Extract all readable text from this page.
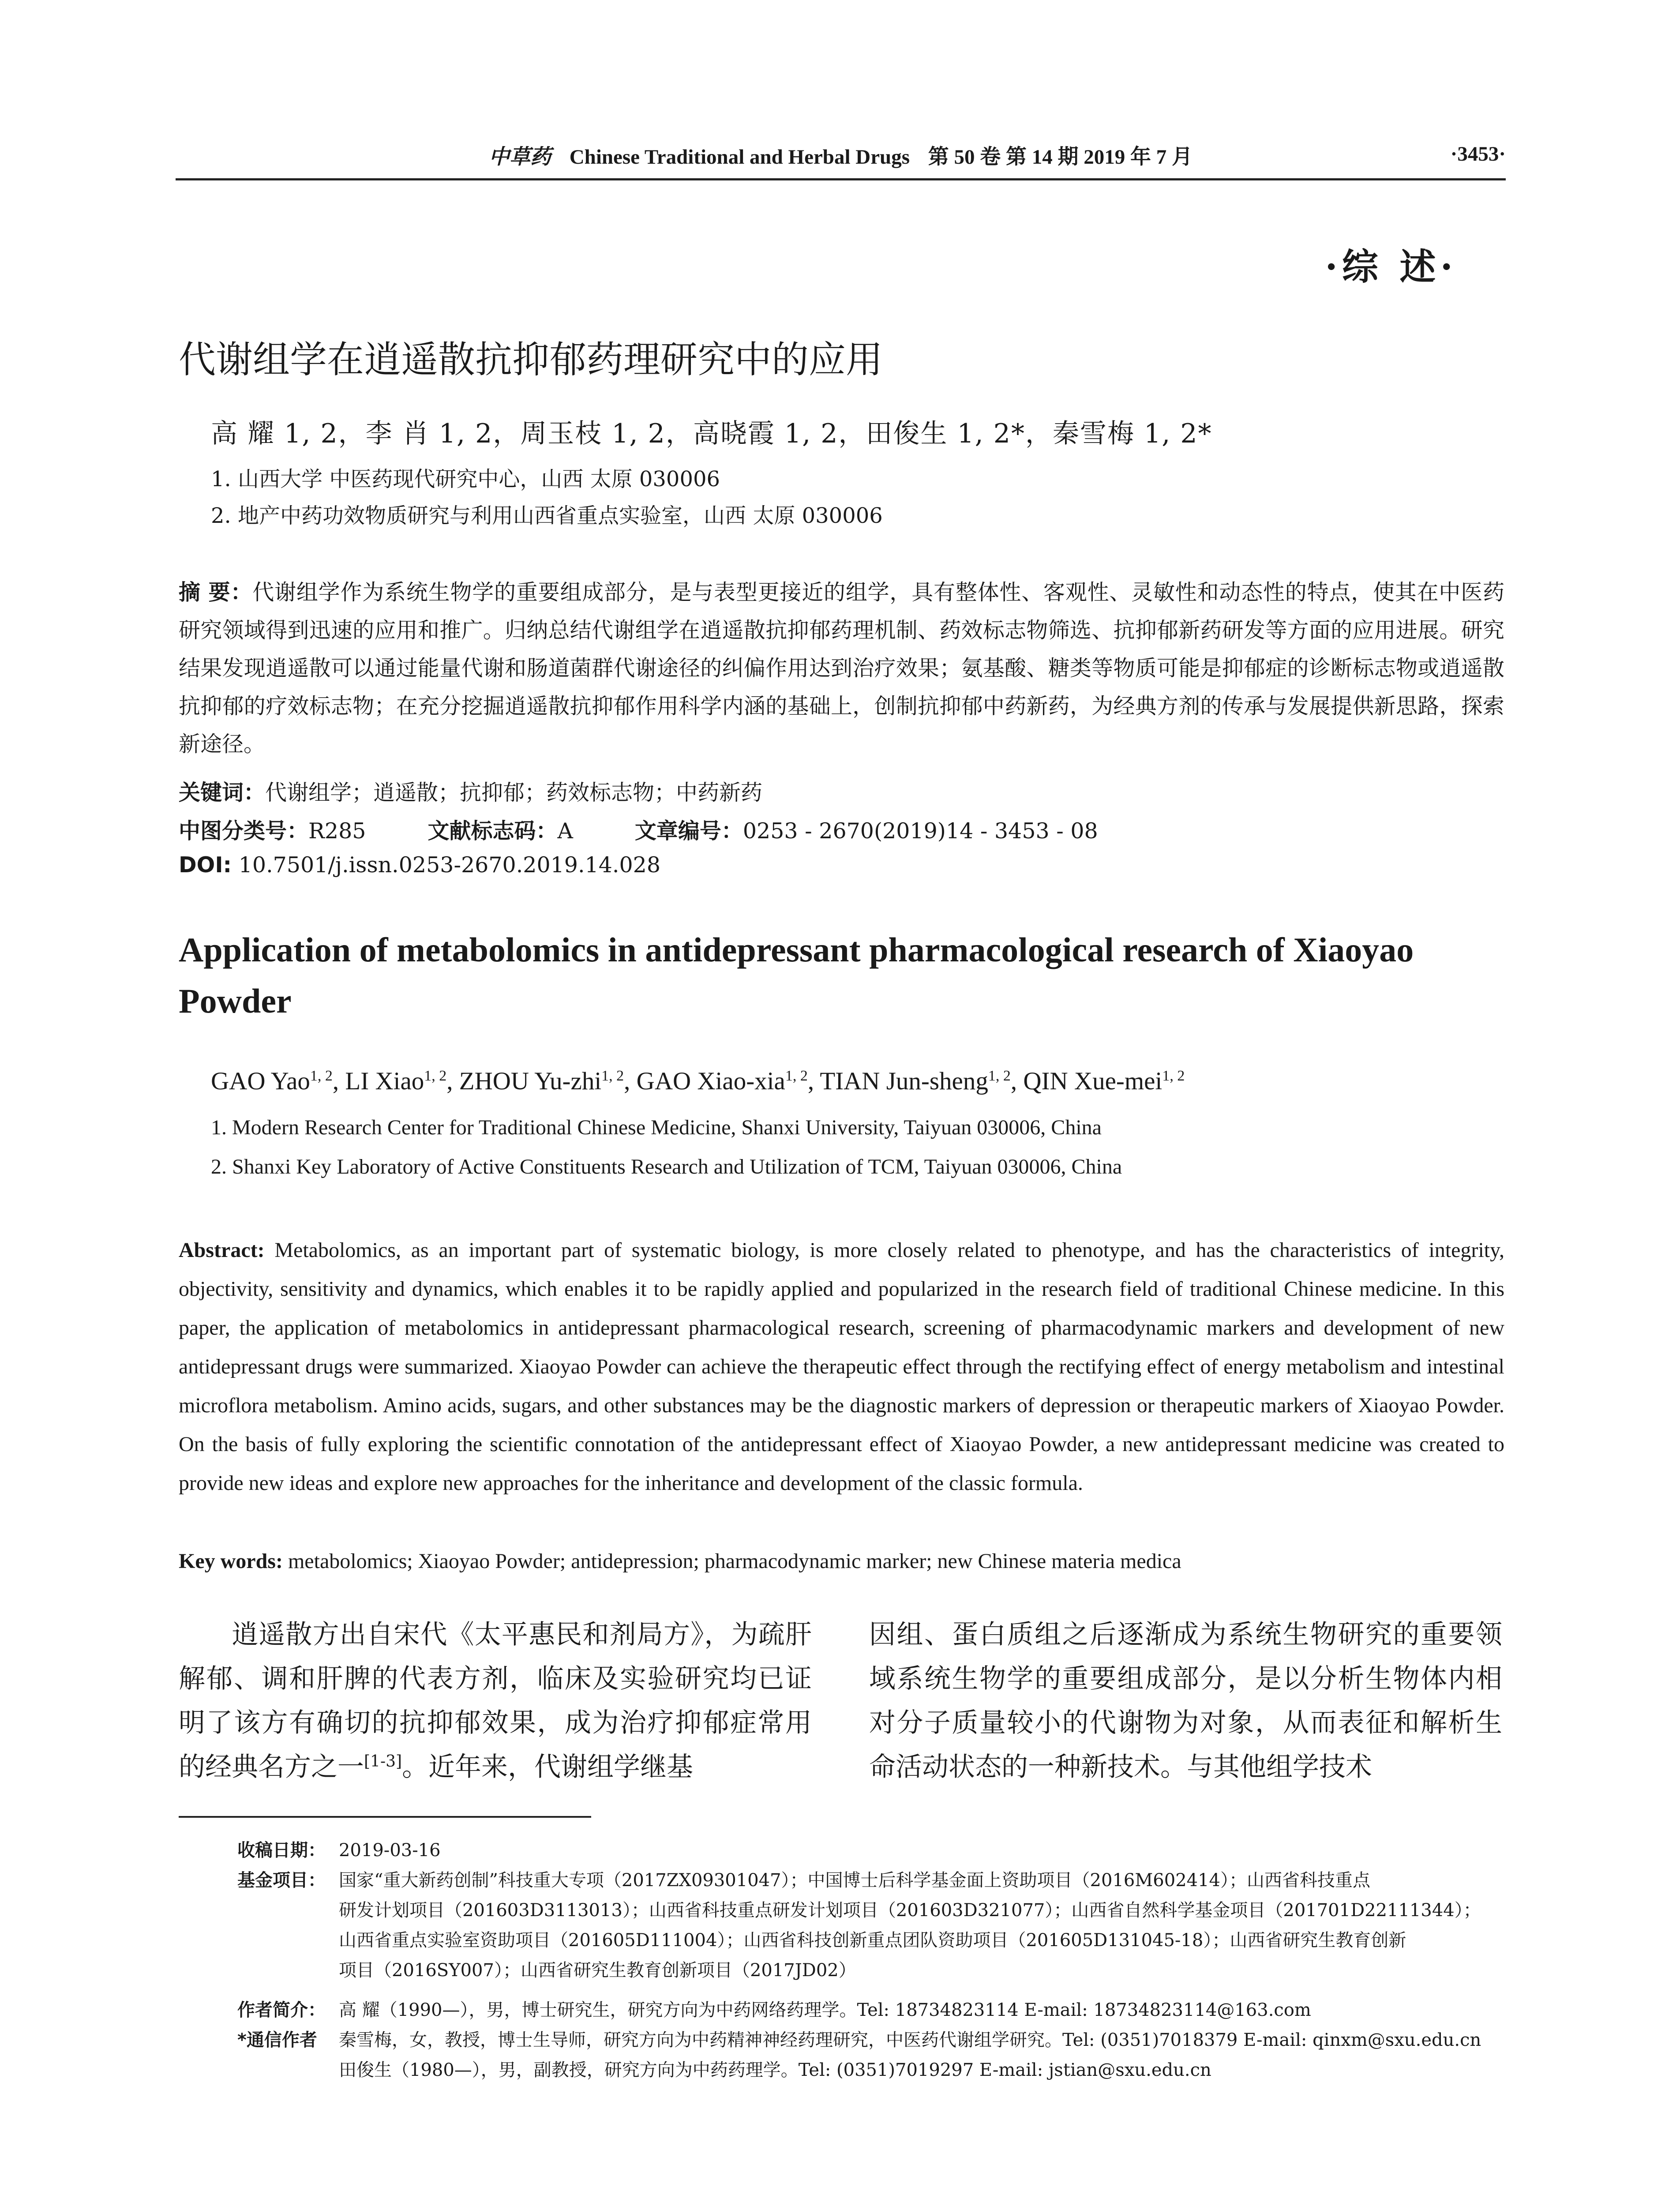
中草药 Chinese Traditional and Herbal Drugs 第 50 卷 第 14 期 2019 年 7 月	·3453·
·综 述·
代谢组学在逍遥散抗抑郁药理研究中的应用
高 耀 1, 2，李 肖 1, 2，周玉枝 1, 2，高晓霞 1, 2，田俊生 1, 2*，秦雪梅 1, 2*
1. 山西大学 中医药现代研究中心，山西 太原 030006
2. 地产中药功效物质研究与利用山西省重点实验室，山西 太原 030006
摘 要：代谢组学作为系统生物学的重要组成部分，是与表型更接近的组学，具有整体性、客观性、灵敏性和动态性的特点，使其在中医药研究领域得到迅速的应用和推广。归纳总结代谢组学在逍遥散抗抑郁药理机制、药效标志物筛选、抗抑郁新药研发等方面的应用进展。研究结果发现逍遥散可以通过能量代谢和肠道菌群代谢途径的纠偏作用达到治疗效果；氨基酸、糖类等物质可能是抑郁症的诊断标志物或逍遥散抗抑郁的疗效标志物；在充分挖掘逍遥散抗抑郁作用科学内涵的基础上，创制抗抑郁中药新药，为经典方剂的传承与发展提供新思路，探索新途径。
关键词：代谢组学；逍遥散；抗抑郁；药效标志物；中药新药
中图分类号：R285	文献标志码：A	文章编号：0253 - 2670(2019)14 - 3453 - 08
DOI: 10.7501/j.issn.0253-2670.2019.14.028
Application of metabolomics in antidepressant pharmacological research of Xiaoyao Powder
GAO Yao$^{1, 2}$, LI Xiao$^{1, 2}$, ZHOU Yu-zhi$^{1, 2}$, GAO Xiao-xia$^{1, 2}$, TIAN Jun-sheng$^{1, 2}$, QIN Xue-mei$^{1, 2}$
1. Modern Research Center for Traditional Chinese Medicine, Shanxi University, Taiyuan 030006, China
2. Shanxi Key Laboratory of Active Constituents Research and Utilization of TCM, Taiyuan 030006, China
Abstract: Metabolomics, as an important part of systematic biology, is more closely related to phenotype, and has the characteristics of integrity, objectivity, sensitivity and dynamics, which enables it to be rapidly applied and popularized in the research field of traditional Chinese medicine. In this paper, the application of metabolomics in antidepressant pharmacological research, screening of pharmacodynamic markers and development of new antidepressant drugs were summarized. Xiaoyao Powder can achieve the therapeutic effect through the rectifying effect of energy metabolism and intestinal microflora metabolism. Amino acids, sugars, and other substances may be the diagnostic markers of depression or therapeutic markers of Xiaoyao Powder. On the basis of fully exploring the scientific connotation of the antidepressant effect of Xiaoyao Powder, a new antidepressant medicine was created to provide new ideas and explore new approaches for the inheritance and development of the classic formula.
Key words: metabolomics; Xiaoyao Powder; antidepression; pharmacodynamic marker; new Chinese materia medica
逍遥散方出自宋代《太平惠民和剂局方》，为疏肝解郁、调和肝脾的代表方剂，临床及实验研究均已证明了该方有确切的抗抑郁效果，成为治疗抑郁症常用的经典名方之一[1-3]。近年来，代谢组学继基
因组、蛋白质组之后逐渐成为系统生物研究的重要领域系统生物学的重要组成部分，是以分析生物体内相对分子质量较小的代谢物为对象，从而表征和解析生命活动状态的一种新技术。与其他组学技术
收稿日期： 2019-03-16
基金项目： 国家“重大新药创制”科技重大专项（2017ZX09301047）；中国博士后科学基金面上资助项目（2016M602414）；山西省科技重点
研发计划项目（201603D3113013）；山西省科技重点研发计划项目（201603D321077）；山西省自然科学基金项目（201701D22111344）；
山西省重点实验室资助项目（201605D111004）；山西省科技创新重点团队资助项目（201605D131045-18）；山西省研究生教育创新
项目（2016SY007）；山西省研究生教育创新项目（2017JD02）
作者简介： 高 耀（1990—），男，博士研究生，研究方向为中药网络药理学。Tel: 18734823114 E-mail: 18734823114@163.com
*通信作者 秦雪梅，女，教授，博士生导师，研究方向为中药精神神经药理研究，中医药代谢组学研究。Tel: (0351)7018379 E-mail: qinxm@sxu.edu.cn
田俊生（1980—），男，副教授，研究方向为中药药理学。Tel: (0351)7019297 E-mail: jstian@sxu.edu.cn
